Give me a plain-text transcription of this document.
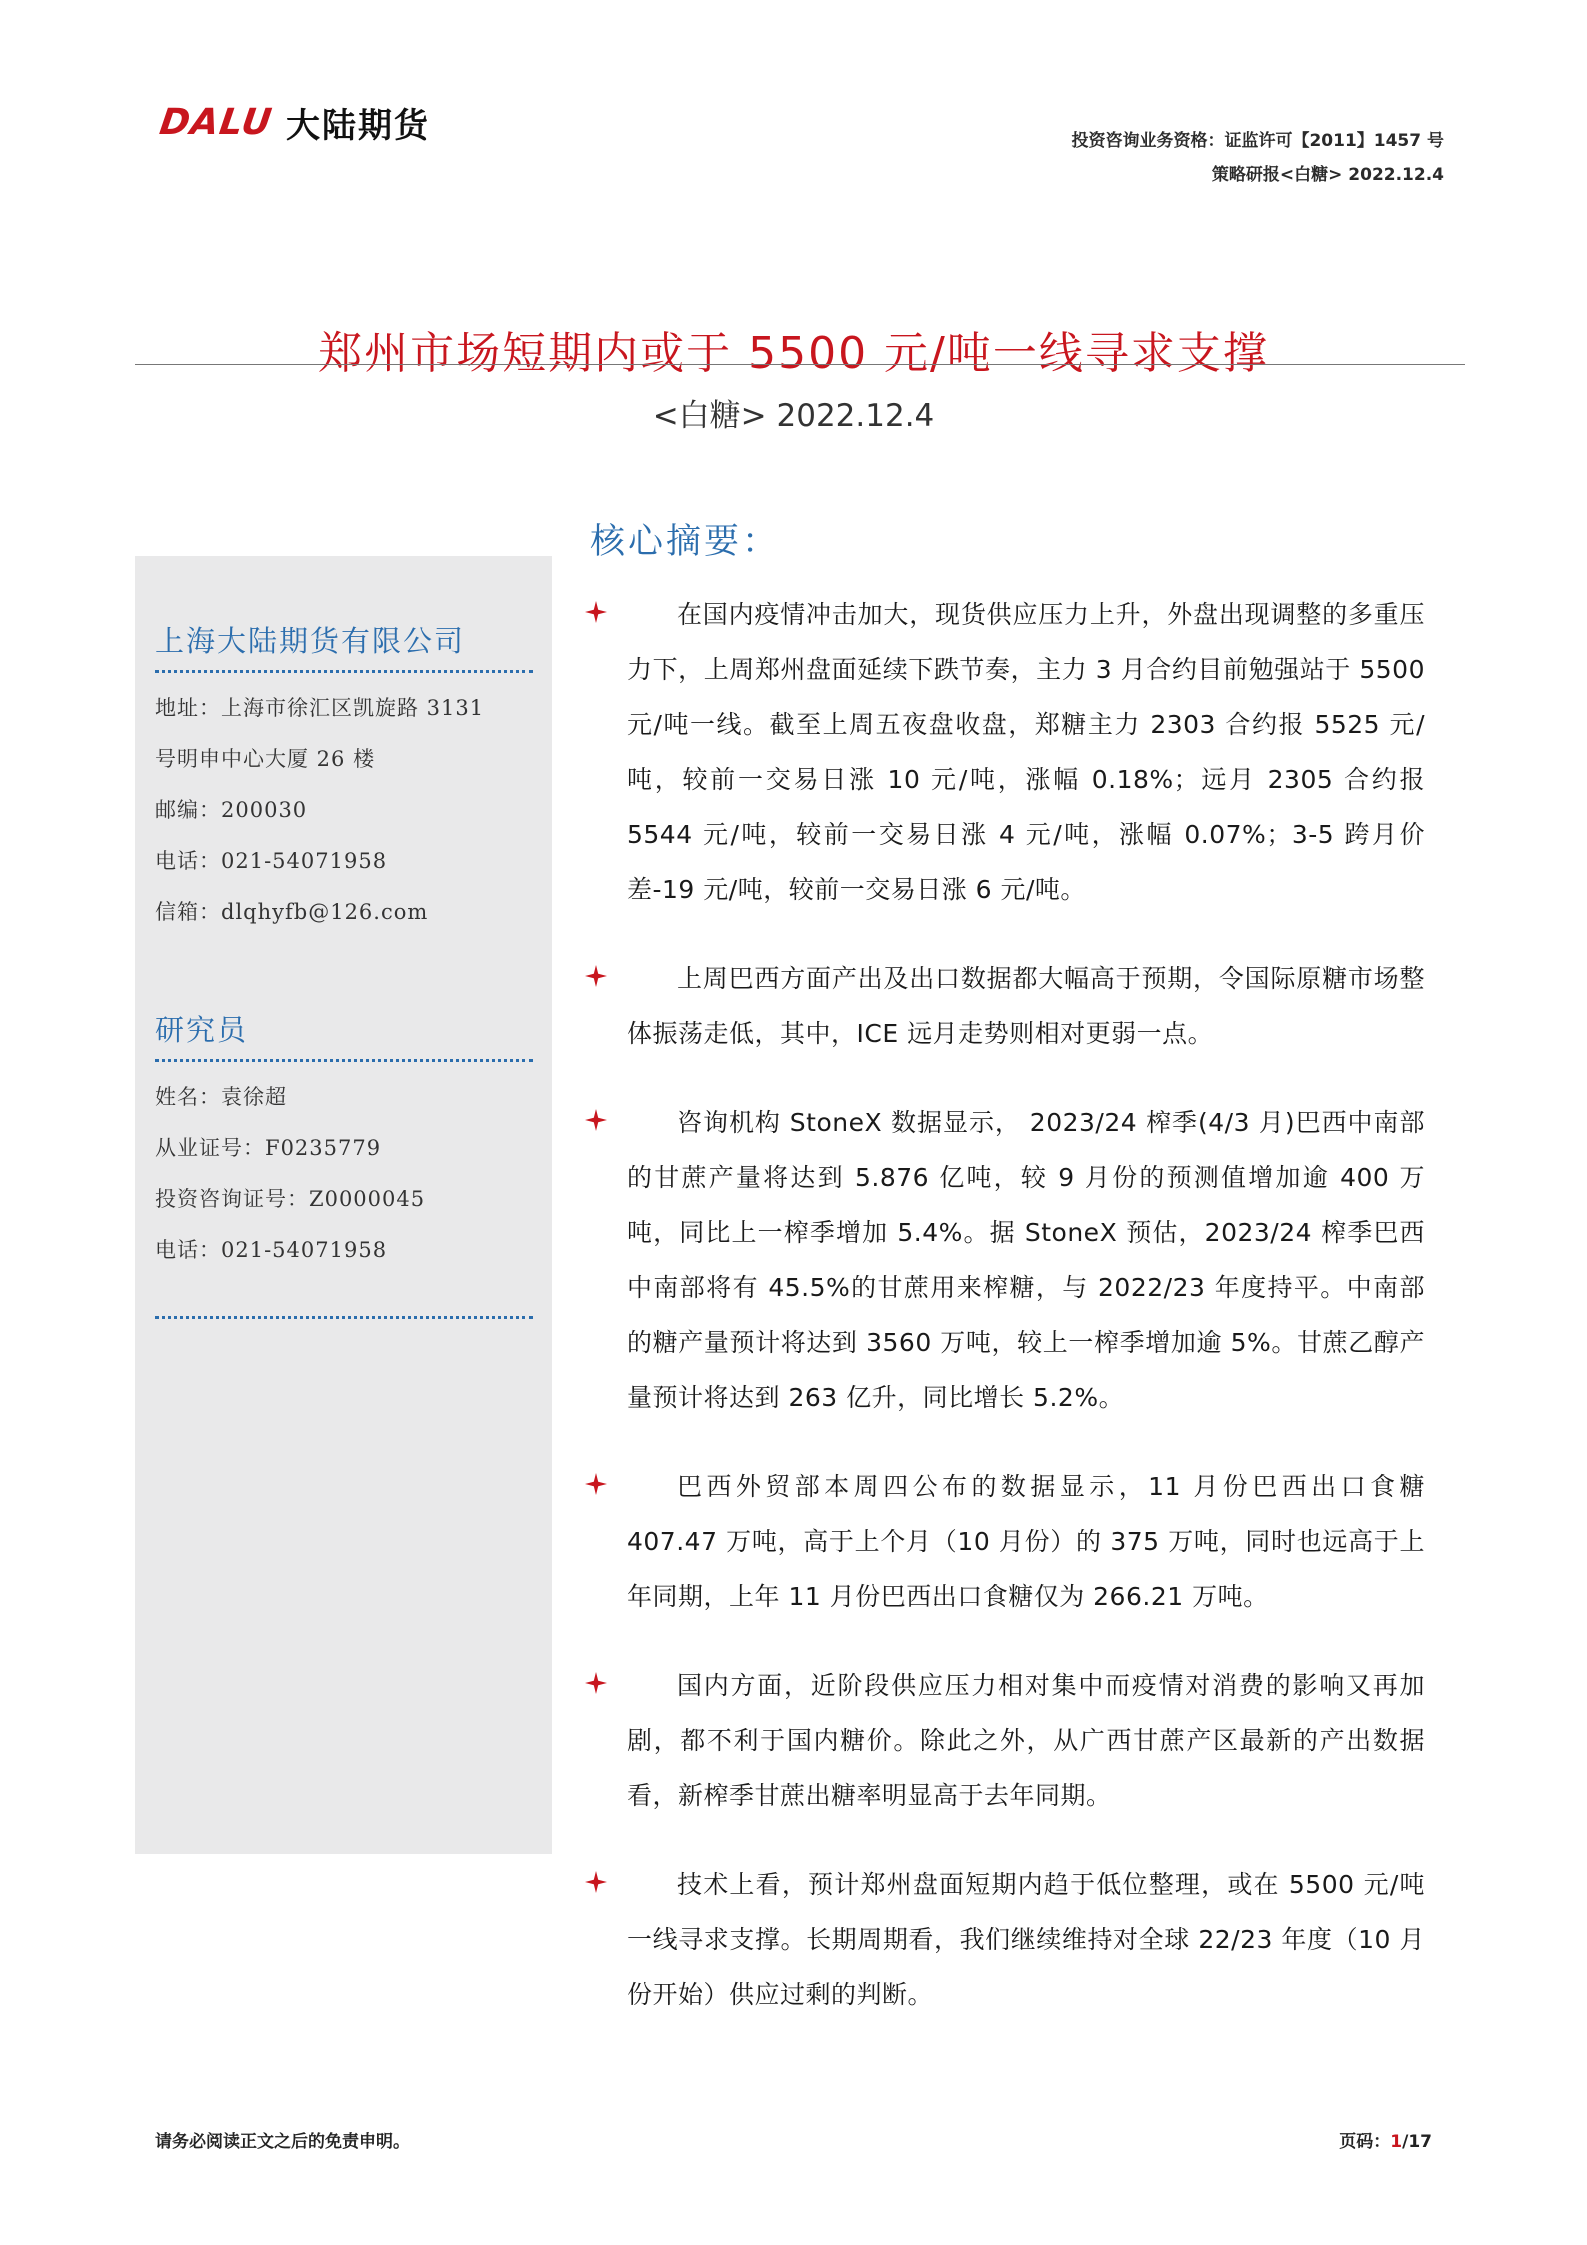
DALU 大陆期货	投资咨询业务资格：证监许可【2011】1457 号
策略研报<白糖> 2022.12.4
郑州市场短期内或于 5500 元/吨一线寻求支撑
<白糖> 2022.12.4
上海大陆期货有限公司
地址：上海市徐汇区凯旋路 3131
号明申中心大厦 26 楼
邮编：200030
电话：021-54071958
信箱：dlqhyfb@126.com
研究员
姓名：袁徐超
从业证号：F0235779
投资咨询证号：Z0000045
电话：021-54071958
核心摘要：

在国内疫情冲击加大，现货供应压力上升，外盘出现调整的多重压力下，上周郑州盘面延续下跌节奏，主力 3 月合约目前勉强站于 5500 元/吨一线。截至上周五夜盘收盘，郑糖主力 2303 合约报 5525 元/吨，较前一交易日涨 10 元/吨，涨幅 0.18%；远月 2305 合约报 5544 元/吨，较前一交易日涨 4 元/吨，涨幅 0.07%；3-5 跨月价差-19 元/吨，较前一交易日涨 6 元/吨。

上周巴西方面产出及出口数据都大幅高于预期，令国际原糖市场整体振荡走低，其中，ICE 远月走势则相对更弱一点。

咨询机构 StoneX 数据显示， 2023/24 榨季(4/3 月)巴西中南部的甘蔗产量将达到 5.876 亿吨，较 9 月份的预测值增加逾 400 万吨，同比上一榨季增加 5.4%。据 StoneX 预估，2023/24 榨季巴西中南部将有 45.5%的甘蔗用来榨糖，与 2022/23 年度持平。中南部的糖产量预计将达到 3560 万吨，较上一榨季增加逾 5%。甘蔗乙醇产量预计将达到 263 亿升，同比增长 5.2%。

巴西外贸部本周四公布的数据显示，11 月份巴西出口食糖 407.47 万吨，高于上个月（10 月份）的 375 万吨，同时也远高于上年同期，上年 11 月份巴西出口食糖仅为 266.21 万吨。

国内方面，近阶段供应压力相对集中而疫情对消费的影响又再加剧，都不利于国内糖价。除此之外，从广西甘蔗产区最新的产出数据看，新榨季甘蔗出糖率明显高于去年同期。

技术上看，预计郑州盘面短期内趋于低位整理，或在 5500 元/吨一线寻求支撑。长期周期看，我们继续维持对全球 22/23 年度（10 月份开始）供应过剩的判断。

请务必阅读正文之后的免责申明。	页码：1/17
